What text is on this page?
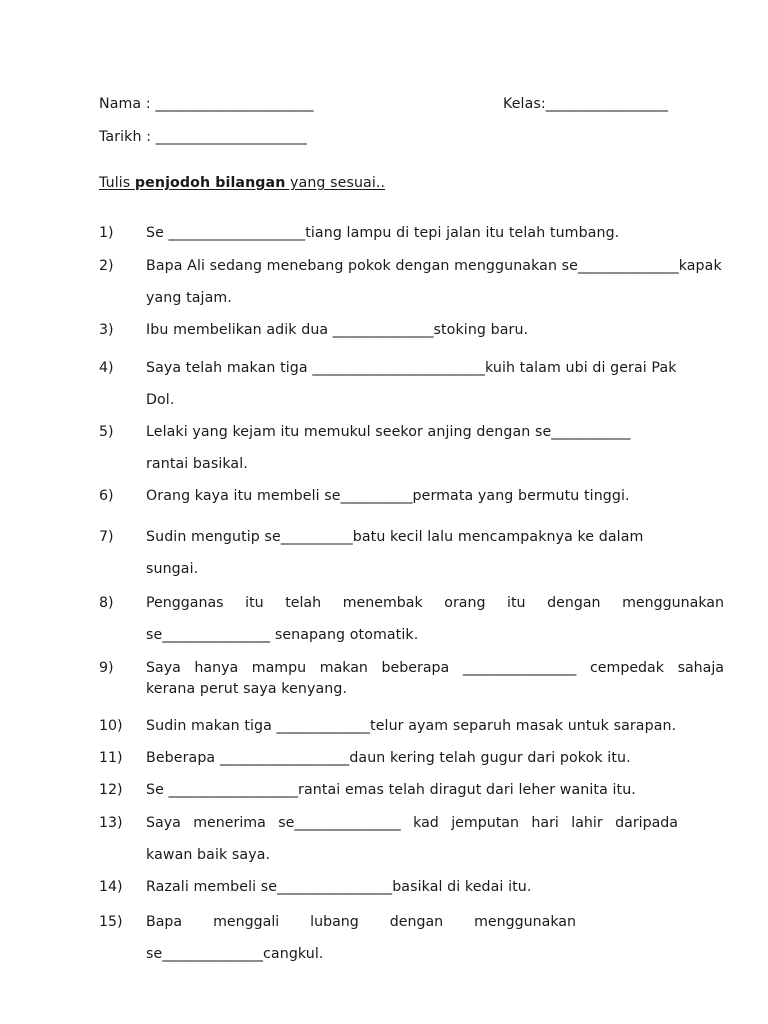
Nama : ______________________	Kelas:_________________
Tarikh : _____________________
Tulis penjodoh bilangan yang sesuai..
1) Se ___________________tiang lampu di tepi jalan itu telah tumbang.
2) Bapa Ali sedang menebang pokok dengan menggunakan se______________kapak
yang tajam.
3) Ibu membelikan adik dua ______________stoking baru.
4) Saya telah makan tiga ________________________kuih talam ubi di gerai Pak
Dol.
5) Lelaki yang kejam itu memukul seekor anjing dengan se___________
rantai basikal.
6) Orang kaya itu membeli se__________permata yang bermutu tinggi.
7) Sudin mengutip se__________batu kecil lalu mencampaknya ke dalam
sungai.
8) Pengganas itu telah menembak orang itu dengan menggunakan
se_______________ senapang otomatik.
9) Saya hanya mampu makan beberapa ________________ cempedak sahaja
kerana perut saya kenyang.
10) Sudin makan tiga _____________telur ayam separuh masak untuk sarapan.
11) Beberapa __________________daun kering telah gugur dari pokok itu.
12) Se __________________rantai emas telah diragut dari leher wanita itu.
13) Saya menerima se_______________ kad jemputan hari lahir daripada
kawan baik saya.
14) Razali membeli se________________basikal di kedai itu.
15) Bapa menggali lubang dengan menggunakan
se______________cangkul.
